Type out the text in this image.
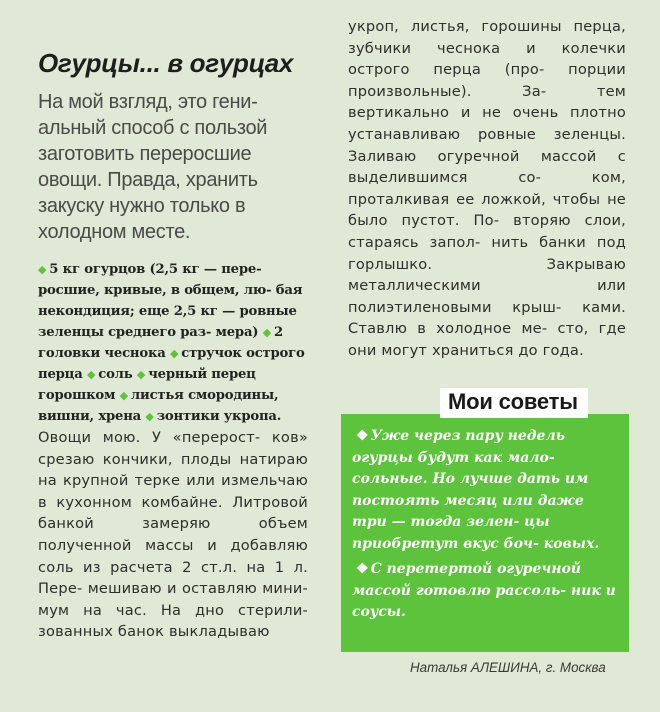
Огурцы... в огурцах

На мой взгляд, это гени- альный способ с пользой заготовить переросшие овощи. Правда, хранить закуску нужно только в холодном месте.

◆ 5 кг огурцов (2,5 кг — пере- росшие, кривые, в общем, лю- бая некондиция; еще 2,5 кг — ровные зеленцы среднего раз- мера) ◆ 2 головки чеснока ◆ стручок острого перца ◆ соль ◆ черный перец горошком ◆ листья смородины, вишни, хрена ◆ зонтики укропа.

Овощи мою. У «перерост- ков» срезаю кончики, плоды натираю на крупной терке или измельчаю в кухонном комбайне. Литровой банкой замеряю объем полученной массы и добавляю соль из расчета 2 ст.л. на 1 л. Пере- мешиваю и оставляю мини- мум на час. На дно стерили- зованных банок выкладываю

укроп, листья, горошины перца, зубчики чеснока и колечки острого перца (про- порции произвольные). За- тем вертикально и не очень плотно устанавливаю ровные зеленцы. Заливаю огуречной массой с выделившимся со- ком, проталкивая ее ложкой, чтобы не было пустот. По- вторяю слои, стараясь запол- нить банки под горлышко. Закрываю металлическими или полиэтиленовыми крыш- ками. Ставлю в холодное ме- сто, где они могут храниться до года.

Мои советы
❖ Уже через пару недель огурцы будут как мало- сольные. Но лучше дать им постоять месяц или даже три — тогда зелен- цы приобретут вкус боч- ковых.
❖ С перетертой огуречной массой готовлю рассоль- ник и соусы.
Наталья АЛЕШИНА, г. Москва
